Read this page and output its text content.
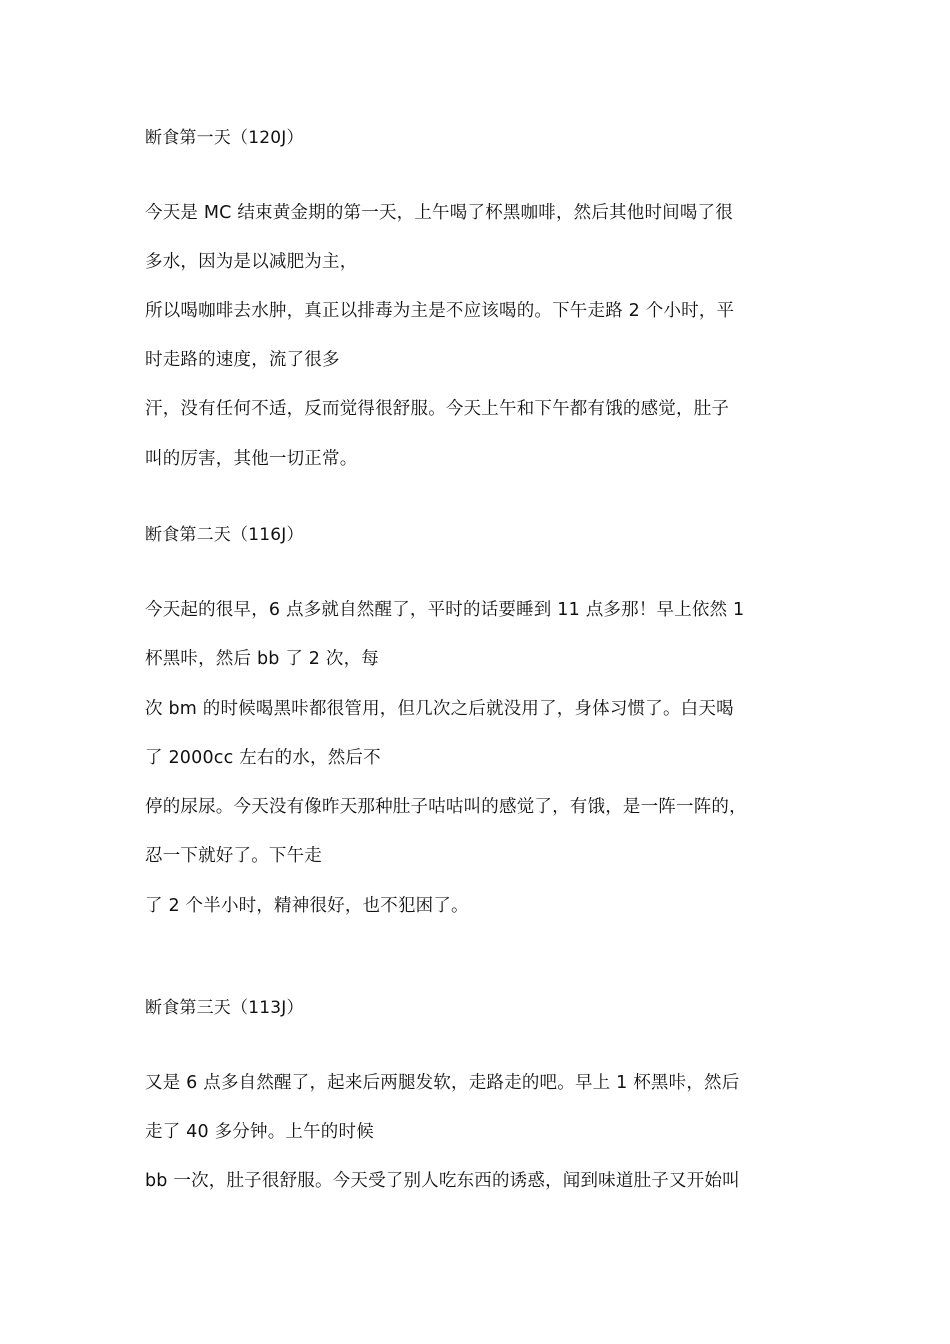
断食第一天（120J）
今天是 MC 结束黄金期的第一天，上午喝了杯黑咖啡，然后其他时间喝了很
多水，因为是以减肥为主，
所以喝咖啡去水肿，真正以排毒为主是不应该喝的。下午走路 2 个小时，平
时走路的速度，流了很多
汗，没有任何不适，反而觉得很舒服。今天上午和下午都有饿的感觉，肚子
叫的厉害，其他一切正常。
断食第二天（116J）
今天起的很早，6 点多就自然醒了，平时的话要睡到 11 点多那！早上依然 1
杯黑咔，然后 bb 了 2 次，每
次 bm 的时候喝黑咔都很管用，但几次之后就没用了，身体习惯了。白天喝
了 2000cc 左右的水，然后不
停的尿尿。今天没有像昨天那种肚子咕咕叫的感觉了，有饿，是一阵一阵的，
忍一下就好了。下午走
了 2 个半小时，精神很好，也不犯困了。
断食第三天（113J）
又是 6 点多自然醒了，起来后两腿发软，走路走的吧。早上 1 杯黑咔，然后
走了 40 多分钟。上午的时候
bb 一次，肚子很舒服。今天受了别人吃东西的诱惑，闻到味道肚子又开始叫
